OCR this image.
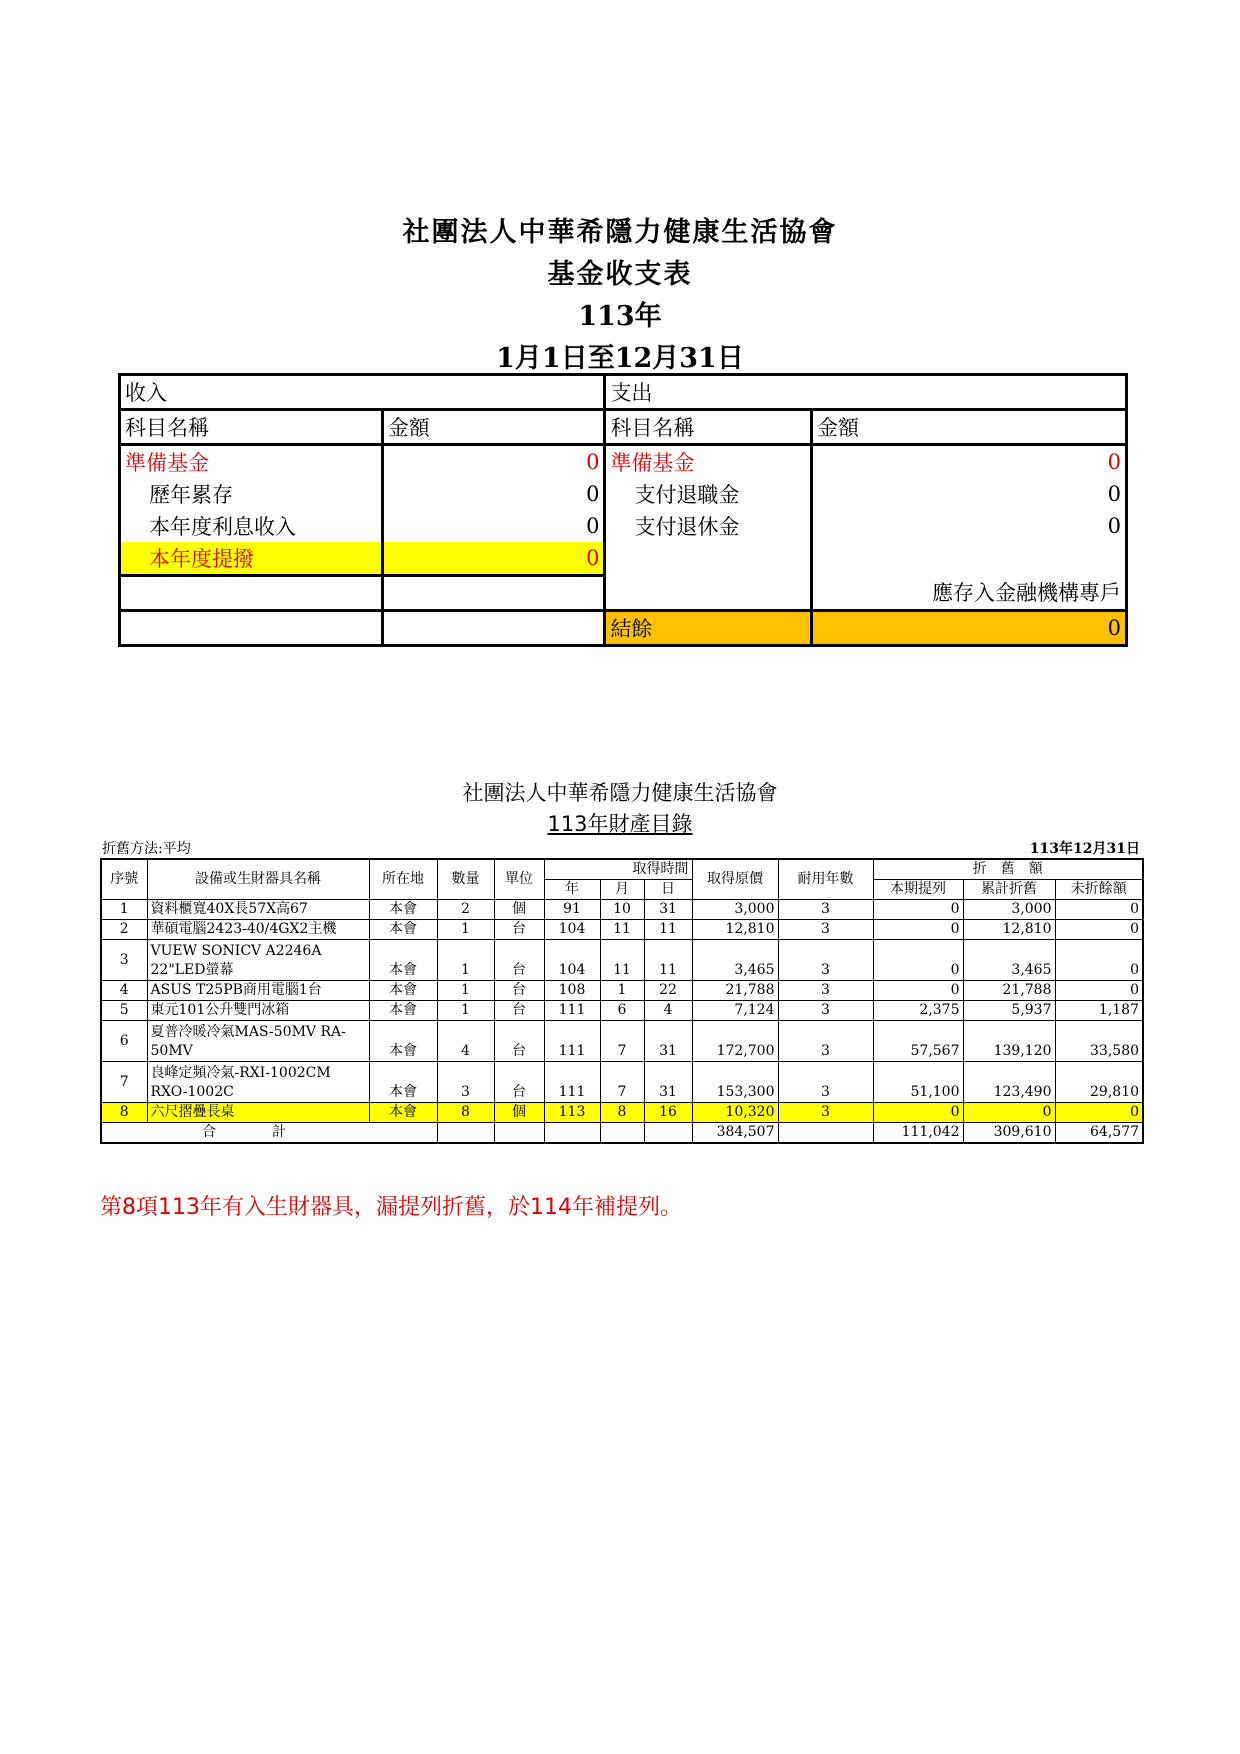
社團法人中華希隱力健康生活協會
基金收支表
113年
1月1日至12月31日
收入		支出	
科目名稱	金額	科目名稱	金額
準備基金	0	準備基金	0
歷年累存	0	支付退職金	0
本年度利息收入	0	支付退休金	0
本年度提撥	0		
			應存入金融機構專戶
		結餘	0
社團法人中華希隱力健康生活協會
113年財產目錄
折舊方法:平均	113年12月31日
序號	設備或生財器具名稱	所在地	數量	單位	取得時間			取得原價	耐用年數	折　舊　額		
					年	月	日			本期提列	累計折舊	未折餘額
1	資料櫃寬40X長57X高67	本會	2	個	91	10	31	3,000	3	0	3,000	0
2	華碩電腦2423-40/4GX2主機	本會	1	台	104	11	11	12,810	3	0	12,810	0
3	VUEW SONICV A2246A 22"LED螢幕	本會	1	台	104	11	11	3,465	3	0	3,465	0
4	ASUS T25PB商用電腦1台	本會	1	台	108	1	22	21,788	3	0	21,788	0
5	東元101公升雙門冰箱	本會	1	台	111	6	4	7,124	3	2,375	5,937	1,187
6	夏普冷暖冷氣MAS-50MV RA-50MV	本會	4	台	111	7	31	172,700	3	57,567	139,120	33,580
7	良峰定頻冷氣-RXI-1002CM RXO-1002C	本會	3	台	111	7	31	153,300	3	51,100	123,490	29,810
8	六尺摺疊長桌	本會	8	個	113	8	16	10,320	3	0	0	0
合　　　　計								384,507		111,042	309,610	64,577
第8項113年有入生財器具，漏提列折舊，於114年補提列。
